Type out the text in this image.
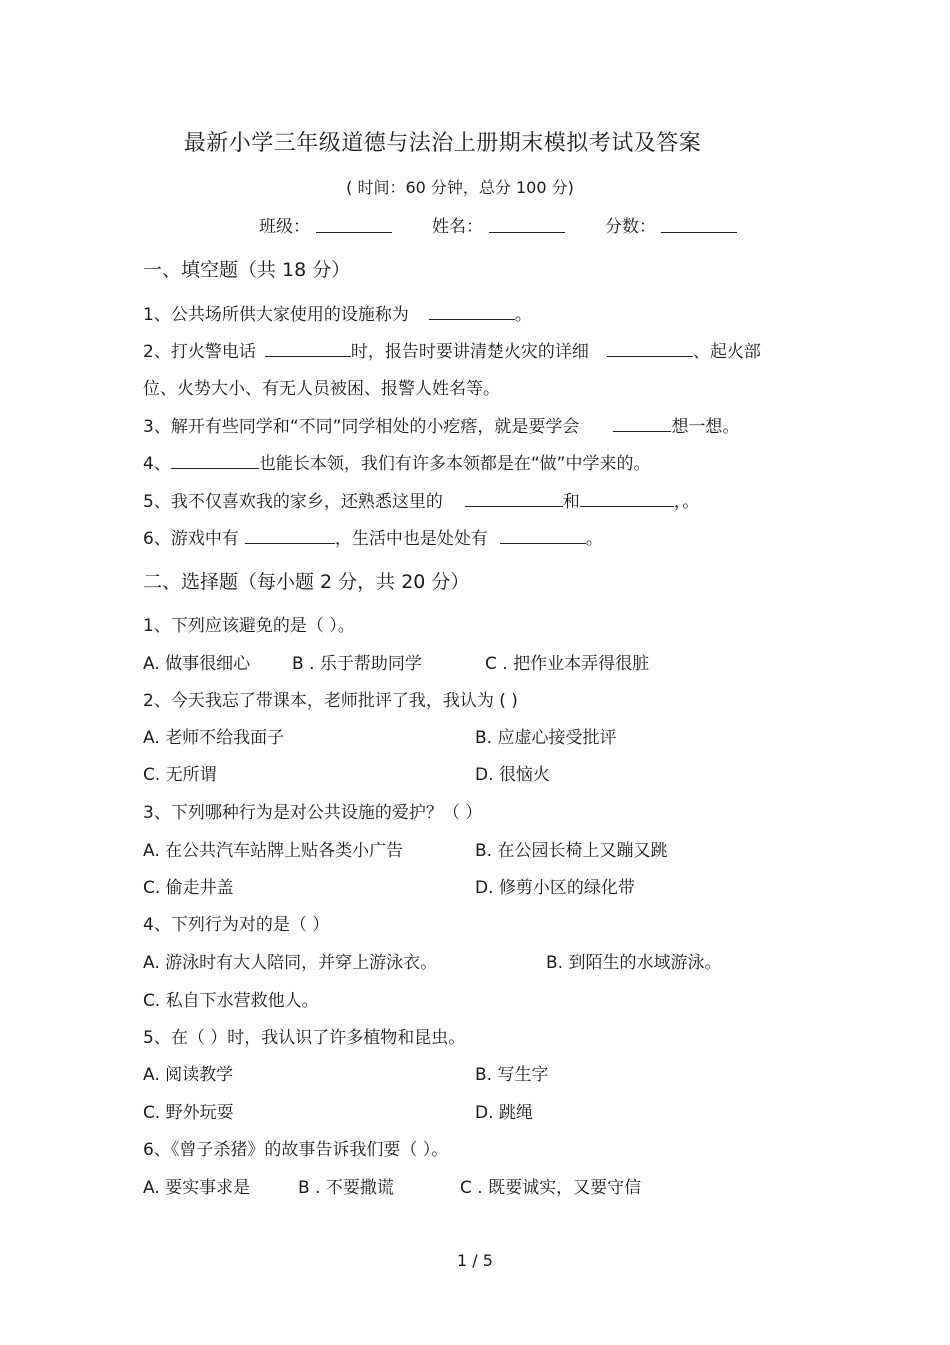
最新小学三年级道德与法治上册期末模拟考试及答案
( 时间：60 分钟，总分 100 分)
班级：	姓名：	分数：
一、填空题（共 18 分）
1、公共场所供大家使用的设施称为	。
2、打火警电话	时，报告时要讲清楚火灾的详细	、起火部
位、火势大小、有无人员被困、报警人姓名等。
3、解开有些同学和“不同”同学相处的小疙瘩，就是要学会	想一想。
4、	也能长本领，我们有许多本领都是在“做”中学来的。
5、我不仅喜欢我的家乡，还熟悉这里的	和	，。
6、游戏中有	，生活中也是处处有	。
二、选择题（每小题 2 分，共 20 分）
1、下列应该避免的是（ ）。
A. 做事很细心 B . 乐于帮助同学	C . 把作业本弄得很脏
2、今天我忘了带课本，老师批评了我，我认为 ( )
A. 老师不给我面子	B. 应虚心接受批评
C. 无所谓	D. 很恼火
3、下列哪种行为是对公共设施的爱护？（ ）
A. 在公共汽车站牌上贴各类小广告	B. 在公园长椅上又蹦又跳
C. 偷走井盖	D. 修剪小区的绿化带
4、下列行为对的是（ ）
A. 游泳时有大人陪同，并穿上游泳衣。	B. 到陌生的水域游泳。
C. 私自下水营救他人。
5、在（ ）时，我认识了许多植物和昆虫。
A. 阅读教学	B. 写生字
C. 野外玩耍	D. 跳绳
6、《曾子杀猪》的故事告诉我们要（ ）。
A. 要实事求是	B . 不要撒谎	C . 既要诚实，又要守信
1 / 5
